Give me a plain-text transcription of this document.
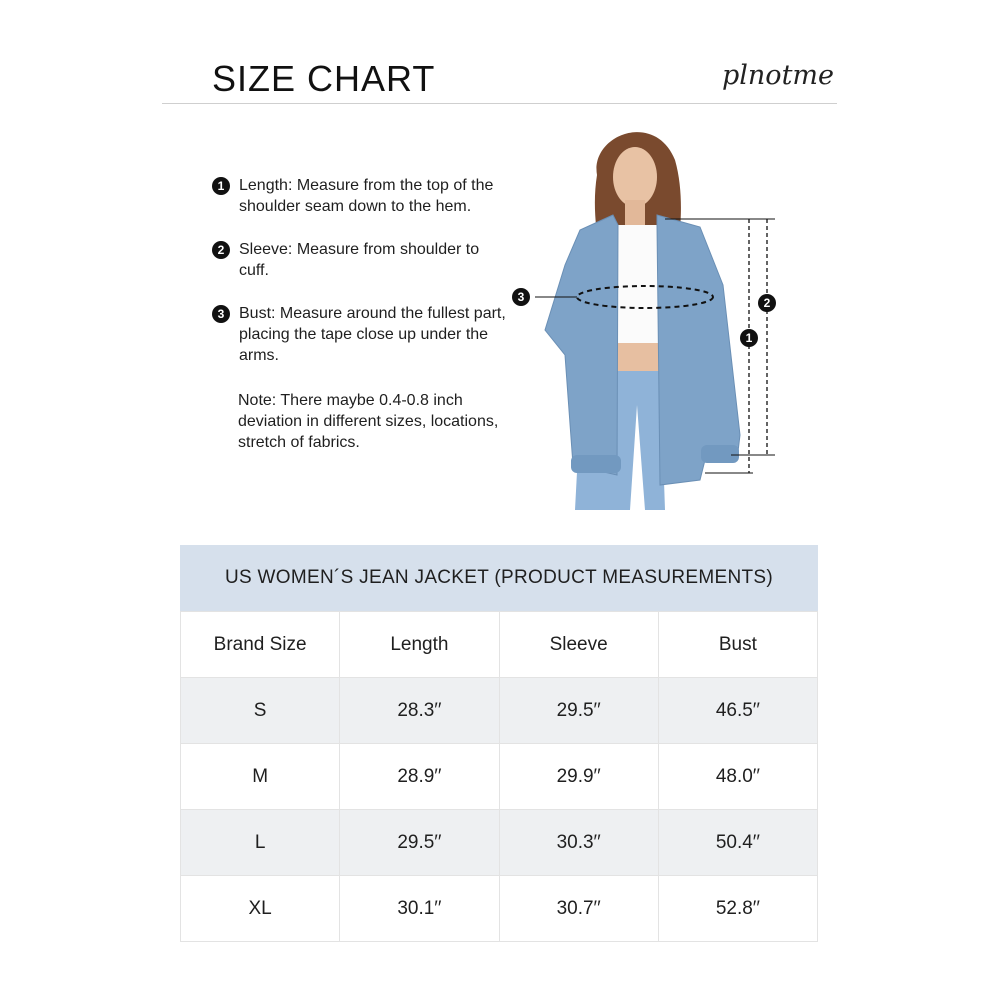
SIZE CHART	plnotme
1 Length: Measure from the top of the shoulder seam down to the hem.
2 Sleeve: Measure from shoulder to cuff.
3 Bust: Measure around the fullest part, placing the tape close up under the arms.
Note: There maybe 0.4-0.8 inch deviation in different sizes, locations, stretch of fabrics.
3
1
2
US WOMEN´S JEAN JACKET (PRODUCT MEASUREMENTS)
Brand Size	Length	Sleeve	Bust
S	28.3′′	29.5′′	46.5′′
M	28.9′′	29.9′′	48.0′′
L	29.5′′	30.3′′	50.4′′
XL	30.1′′	30.7′′	52.8′′
